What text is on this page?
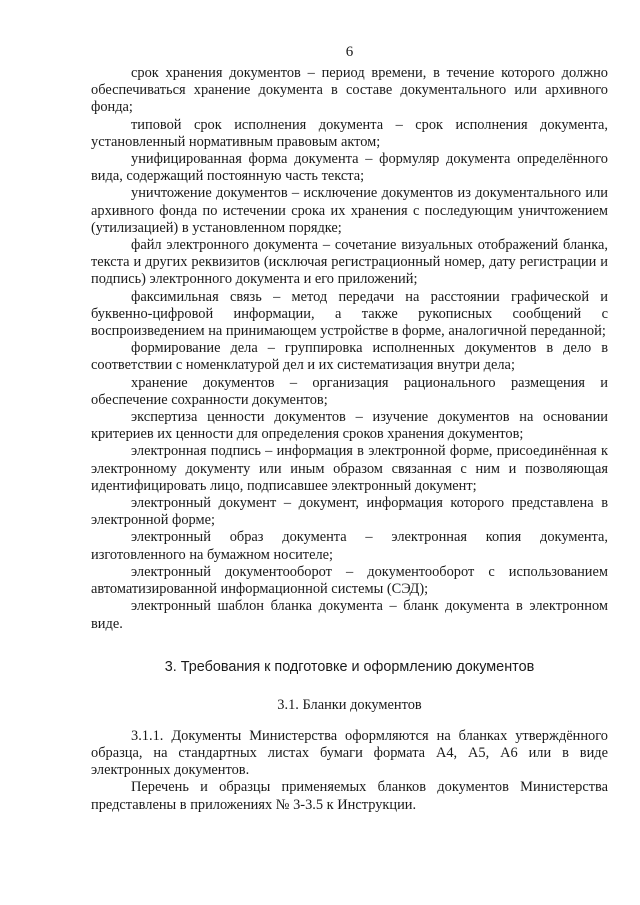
6

срок хранения документов – период времени, в течение которого должно обеспечиваться хранение документа в составе документального или архивного фонда;

типовой срок исполнения документа – срок исполнения документа, установленный нормативным правовым актом;

унифицированная форма документа – формуляр документа определённого вида, содержащий постоянную часть текста;

уничтожение документов – исключение документов из документального или архивного фонда по истечении срока их хранения с последующим уничтожением (утилизацией) в установленном порядке;

файл электронного документа – сочетание визуальных отображений бланка, текста и других реквизитов (исключая регистрационный номер, дату регистрации и подпись) электронного документа и его приложений;

факсимильная связь – метод передачи на расстоянии графической и буквенно-цифровой информации, а также рукописных сообщений с воспроизведением на принимающем устройстве в форме, аналогичной переданной;

формирование дела – группировка исполненных документов в дело в соответствии с номенклатурой дел и их систематизация внутри дела;

хранение документов – организация рационального размещения и обеспечение сохранности документов;

экспертиза ценности документов – изучение документов на основании критериев их ценности для определения сроков хранения документов;

электронная подпись – информация в электронной форме, присоединённая к электронному документу или иным образом связанная с ним и позволяющая идентифицировать лицо, подписавшее электронный документ;

электронный документ – документ, информация которого представлена в электронной форме;

электронный образ документа – электронная копия документа, изготовленного на бумажном носителе;

электронный документооборот – документооборот с использованием автоматизированной информационной системы (СЭД);

электронный шаблон бланка документа – бланк документа в электронном виде.

3. Требования к подготовке и оформлению документов
3.1. Бланки документов

3.1.1. Документы Министерства оформляются на бланках утверждённого образца, на стандартных листах бумаги формата А4, А5, А6 или в виде электронных документов.

Перечень и образцы применяемых бланков документов Министерства представлены в приложениях № 3-3.5 к Инструкции.
